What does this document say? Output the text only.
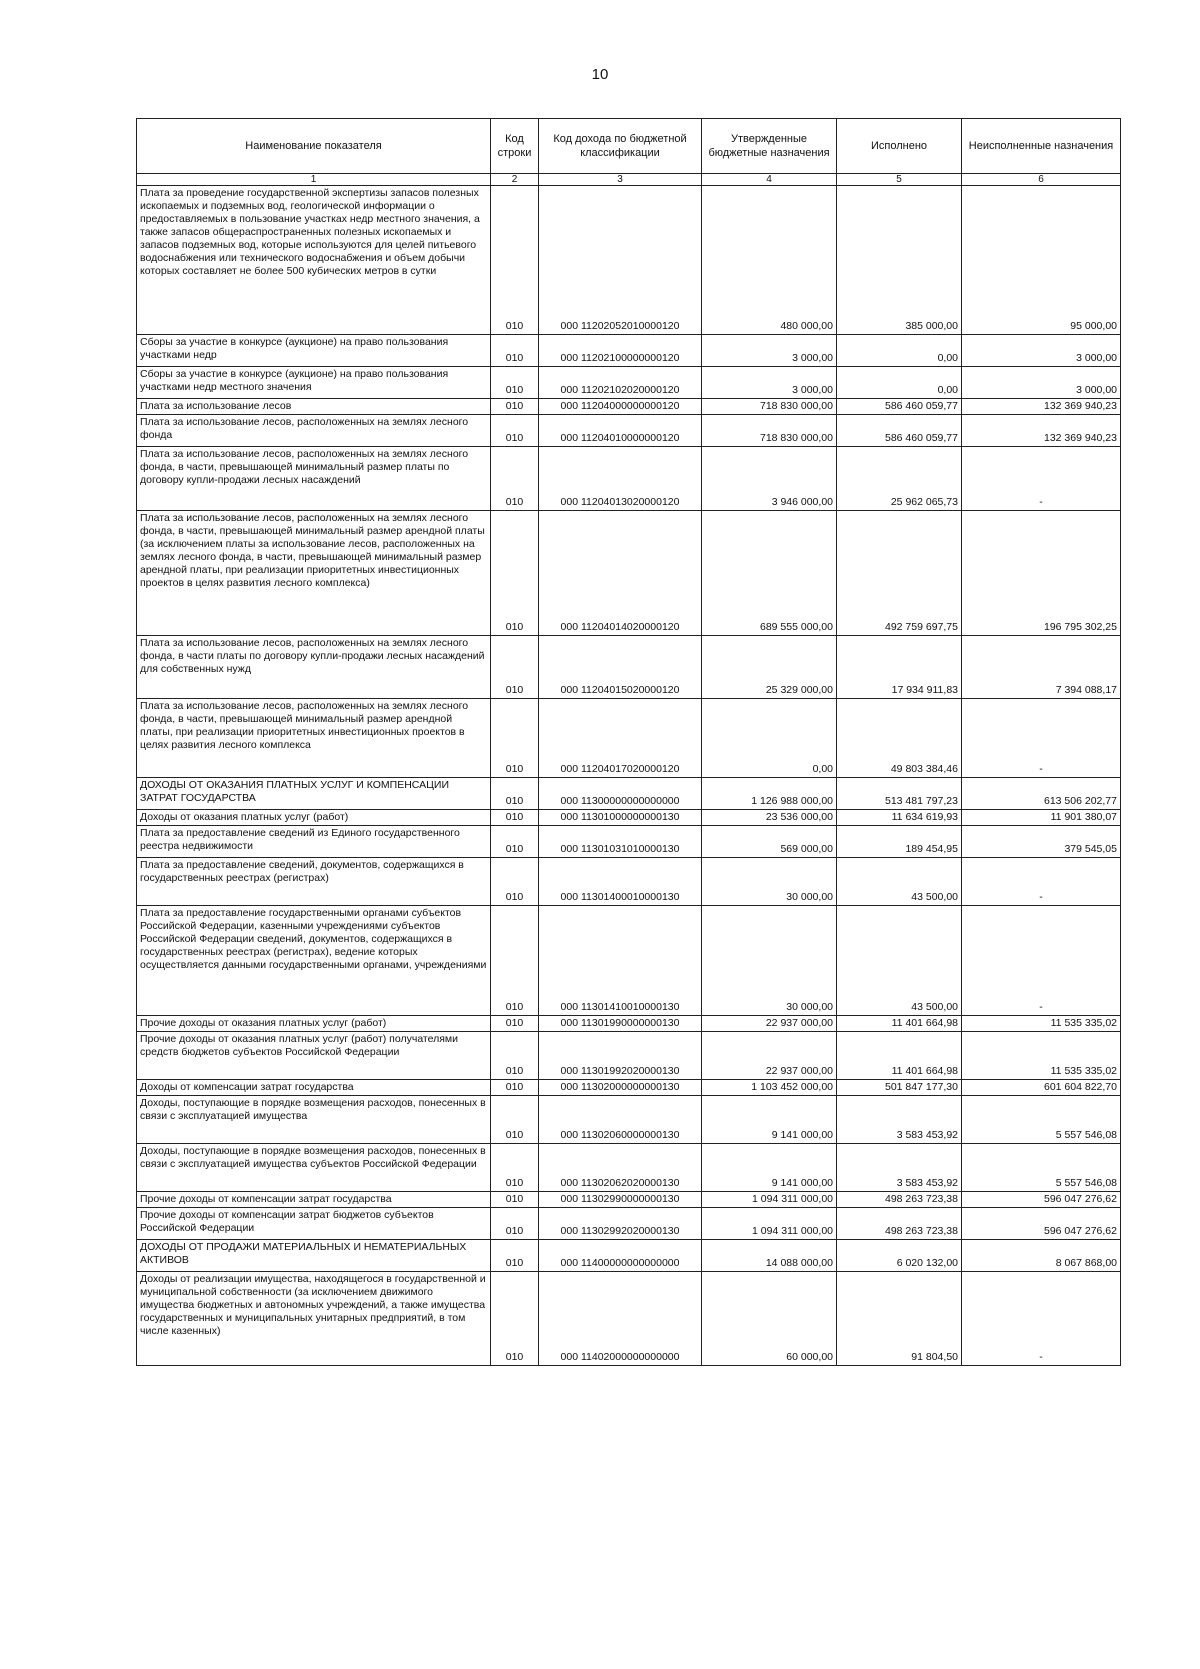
10
Наименование показателя	Код строки	Код дохода по бюджетной классификации	Утвержденные бюджетные назначения	Исполнено	Неисполненные назначения
1	2	3	4	5	6
Плата за проведение государственной экспертизы запасов полезных ископаемых и подземных вод, геологической информации о предоставляемых в пользование участках недр местного значения, а также запасов общераспространенных полезных ископаемых и запасов подземных вод, которые используются для целей питьевого водоснабжения или технического водоснабжения и объем добычи которых составляет не более 500 кубических метров в сутки	010	000 11202052010000120	480 000,00	385 000,00	95 000,00
Сборы за участие в конкурсе (аукционе) на право пользования участками недр	010	000 11202100000000120	3 000,00	0,00	3 000,00
Сборы за участие в конкурсе (аукционе) на право пользования участками недр местного значения	010	000 11202102020000120	3 000,00	0,00	3 000,00
Плата за использование лесов	010	000 11204000000000120	718 830 000,00	586 460 059,77	132 369 940,23
Плата за использование лесов, расположенных на землях лесного фонда	010	000 11204010000000120	718 830 000,00	586 460 059,77	132 369 940,23
Плата за использование лесов, расположенных на землях лесного фонда, в части, превышающей минимальный размер платы по договору купли-продажи лесных насаждений	010	000 11204013020000120	3 946 000,00	25 962 065,73	-
Плата за использование лесов, расположенных на землях лесного фонда, в части, превышающей минимальный размер арендной платы (за исключением платы за использование лесов, расположенных на землях лесного фонда, в части, превышающей минимальный размер арендной платы, при реализации приоритетных инвестиционных проектов в целях развития лесного комплекса)	010	000 11204014020000120	689 555 000,00	492 759 697,75	196 795 302,25
Плата за использование лесов, расположенных на землях лесного фонда, в части платы по договору купли-продажи лесных насаждений для собственных нужд	010	000 11204015020000120	25 329 000,00	17 934 911,83	7 394 088,17
Плата за использование лесов, расположенных на землях лесного фонда, в части, превышающей минимальный размер арендной платы, при реализации приоритетных инвестиционных проектов в целях развития лесного комплекса	010	000 11204017020000120	0,00	49 803 384,46	-
ДОХОДЫ ОТ ОКАЗАНИЯ ПЛАТНЫХ УСЛУГ И КОМПЕНСАЦИИ ЗАТРАТ ГОСУДАРСТВА	010	000 11300000000000000	1 126 988 000,00	513 481 797,23	613 506 202,77
Доходы от оказания платных услуг (работ)	010	000 11301000000000130	23 536 000,00	11 634 619,93	11 901 380,07
Плата за предоставление сведений из Единого государственного реестра недвижимости	010	000 11301031010000130	569 000,00	189 454,95	379 545,05
Плата за предоставление сведений, документов, содержащихся в государственных реестрах (регистрах)	010	000 11301400010000130	30 000,00	43 500,00	-
Плата за предоставление государственными органами субъектов Российской Федерации, казенными учреждениями субъектов Российской Федерации сведений, документов, содержащихся в государственных реестрах (регистрах), ведение которых осуществляется данными государственными органами, учреждениями	010	000 11301410010000130	30 000,00	43 500,00	-
Прочие доходы от оказания платных услуг (работ)	010	000 11301990000000130	22 937 000,00	11 401 664,98	11 535 335,02
Прочие доходы от оказания платных услуг (работ) получателями средств бюджетов субъектов Российской Федерации	010	000 11301992020000130	22 937 000,00	11 401 664,98	11 535 335,02
Доходы от компенсации затрат государства	010	000 11302000000000130	1 103 452 000,00	501 847 177,30	601 604 822,70
Доходы, поступающие в порядке возмещения расходов, понесенных в связи с эксплуатацией имущества	010	000 11302060000000130	9 141 000,00	3 583 453,92	5 557 546,08
Доходы, поступающие в порядке возмещения расходов, понесенных в связи с эксплуатацией имущества субъектов Российской Федерации	010	000 11302062020000130	9 141 000,00	3 583 453,92	5 557 546,08
Прочие доходы от компенсации затрат государства	010	000 11302990000000130	1 094 311 000,00	498 263 723,38	596 047 276,62
Прочие доходы от компенсации затрат бюджетов субъектов Российской Федерации	010	000 11302992020000130	1 094 311 000,00	498 263 723,38	596 047 276,62
ДОХОДЫ ОТ ПРОДАЖИ МАТЕРИАЛЬНЫХ И НЕМАТЕРИАЛЬНЫХ АКТИВОВ	010	000 11400000000000000	14 088 000,00	6 020 132,00	8 067 868,00
Доходы от реализации имущества, находящегося в государственной и муниципальной собственности (за исключением движимого имущества бюджетных и автономных учреждений, а также имущества государственных и муниципальных унитарных предприятий, в том числе казенных)	010	000 11402000000000000	60 000,00	91 804,50	-
